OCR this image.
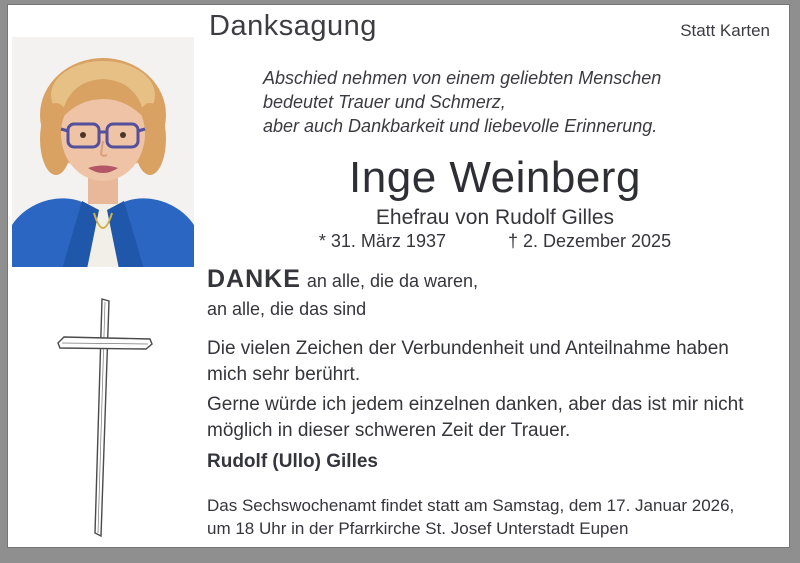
Danksagung	Statt Karten
Abschied nehmen von einem geliebten Menschen
bedeutet Trauer und Schmerz,
aber auch Dankbarkeit und liebevolle Erinnerung.
Inge Weinberg
Ehefrau von Rudolf Gilles
* 31. März 1937	† 2. Dezember 2025
DANKE an alle, die da waren,
an alle, die das sind
Die vielen Zeichen der Verbundenheit und Anteilnahme haben
mich sehr berührt.
Gerne würde ich jedem einzelnen danken, aber das ist mir nicht
möglich in dieser schweren Zeit der Trauer.
Rudolf (Ullo) Gilles
Das Sechswochenamt findet statt am Samstag, dem 17. Januar 2026,
um 18 Uhr in der Pfarrkirche St. Josef Unterstadt Eupen
